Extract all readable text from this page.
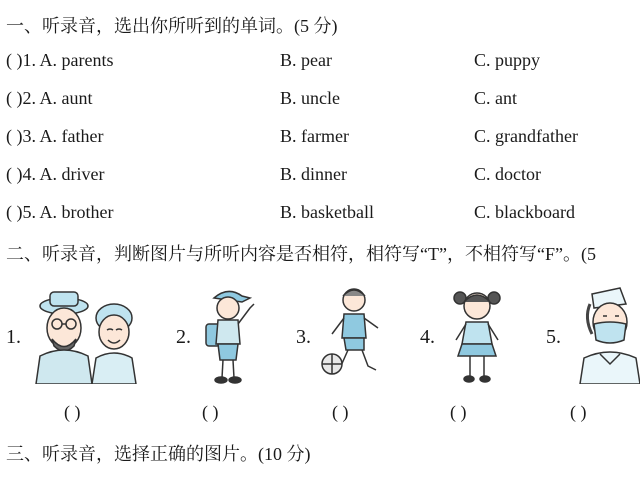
一、听录音，选出你所听到的单词。(5 分)
( )1. A. parents	B. pear	C. puppy
( )2. A. aunt	B. uncle	C. ant
( )3. A. father	B. farmer	C. grandfather
( )4. A. driver	B. dinner	C. doctor
( )5. A. brother	B. basketball	C. blackboard
二、听录音，判断图片与所听内容是否相符，相符写“T”，不相符写“F”。(5
1.	2.	3.	4.	5.
( )	( )	( )	( )	( )
三、听录音，选择正确的图片。(10 分)
